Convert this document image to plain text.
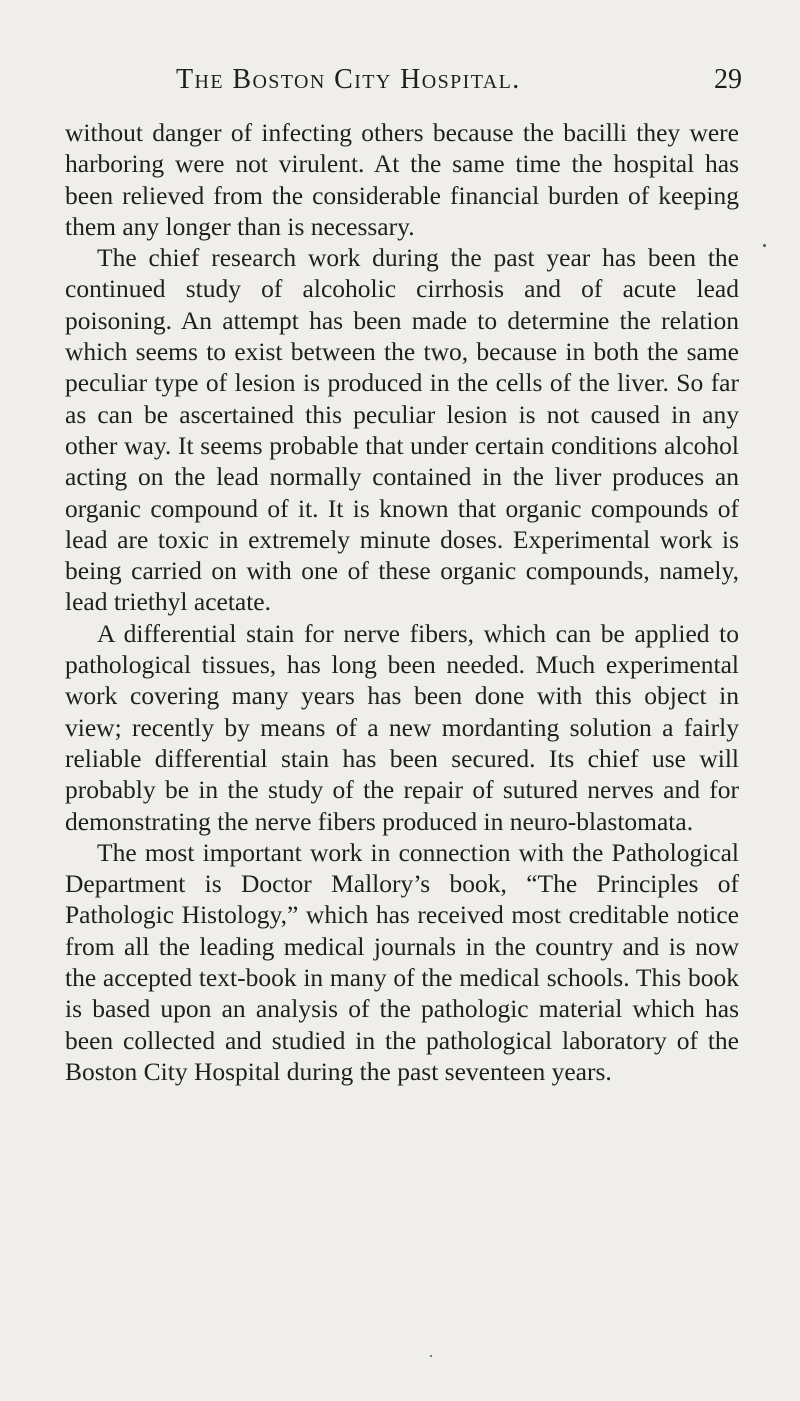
The Boston City Hospital.	29

without danger of infecting others because the bacilli they were harboring were not virulent. At the same time the hospital has been relieved from the considerable financial burden of keeping them any longer than is necessary.

The chief research work during the past year has been the continued study of alcoholic cirrhosis and of acute lead poisoning. An attempt has been made to determine the relation which seems to exist between the two, because in both the same peculiar type of lesion is produced in the cells of the liver. So far as can be ascertained this peculiar lesion is not caused in any other way. It seems probable that under certain conditions alcohol acting on the lead normally contained in the liver produces an organic compound of it. It is known that organic compounds of lead are toxic in extremely minute doses. Experimental work is being carried on with one of these organic compounds, namely, lead triethyl acetate.

A differential stain for nerve fibers, which can be applied to pathological tissues, has long been needed. Much experimental work covering many years has been done with this object in view; recently by means of a new mordanting solution a fairly reliable differential stain has been secured. Its chief use will probably be in the study of the repair of sutured nerves and for demonstrating the nerve fibers produced in neuro-blastomata.

The most important work in connection with the Pathological Department is Doctor Mallory’s book, “The Principles of Pathologic Histology,” which has received most creditable notice from all the leading medical journals in the country and is now the accepted text-book in many of the medical schools. This book is based upon an analysis of the pathologic material which has been collected and studied in the pathological laboratory of the Boston City Hospital during the past seventeen years.
